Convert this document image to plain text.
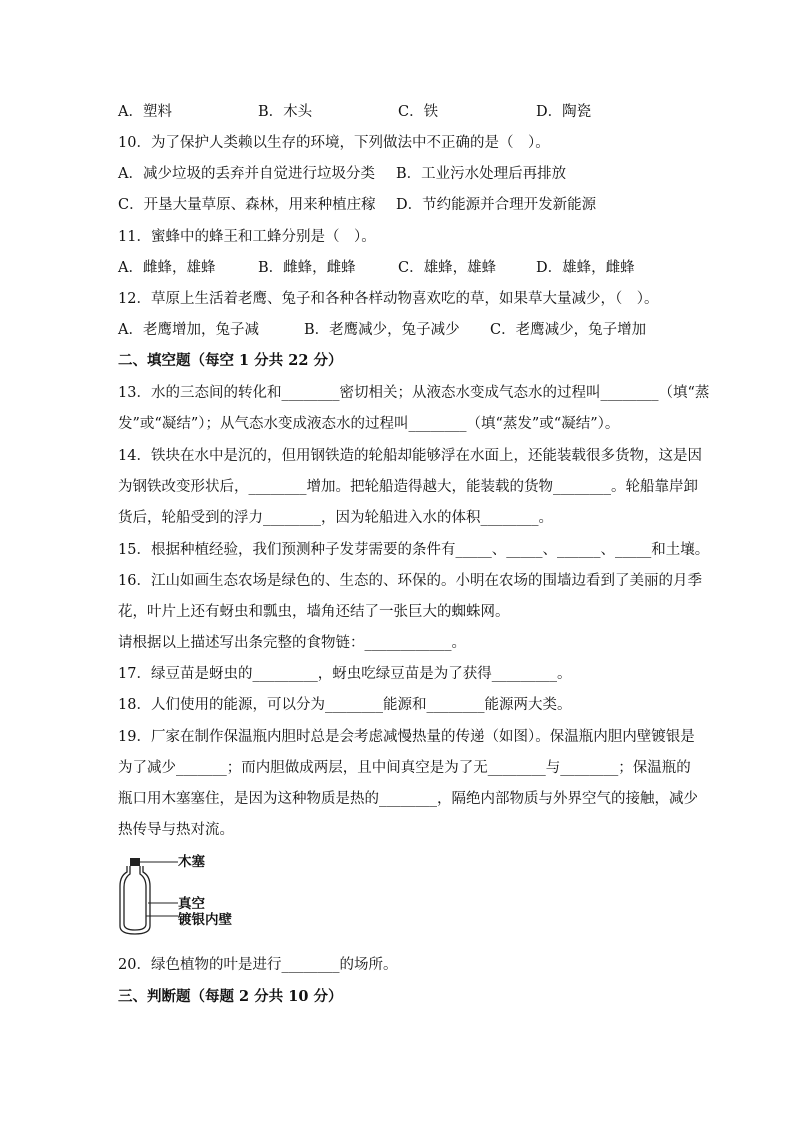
A．塑料	B．木头	C．铁	D．陶瓷
10．为了保护人类赖以生存的环境，下列做法中不正确的是（　）。
A．减少垃圾的丢弃并自觉进行垃圾分类 B．工业污水处理后再排放
C．开垦大量草原、森林，用来种植庄稼 D．节约能源并合理开发新能源
11．蜜蜂中的蜂王和工蜂分别是（　）。
A．雌蜂，雄蜂	B．雌蜂，雌蜂	C．雄蜂，雄蜂	D．雄蜂，雌蜂
12．草原上生活着老鹰、兔子和各种各样动物喜欢吃的草，如果草大量减少，（　）。
A．老鹰增加，兔子减	B．老鹰减少，兔子减少 C．老鹰减少，兔子增加
二、填空题（每空 1 分共 22 分）
13．水的三态间的转化和________密切相关；从液态水变成气态水的过程叫________（填“蒸
发”或“凝结”）；从气态水变成液态水的过程叫________（填“蒸发”或“凝结”）。
14．铁块在水中是沉的，但用钢铁造的轮船却能够浮在水面上，还能装载很多货物，这是因
为钢铁改变形状后，________增加。把轮船造得越大，能装载的货物________。轮船靠岸卸
货后，轮船受到的浮力________，因为轮船进入水的体积________。
15．根据种植经验，我们预测种子发芽需要的条件有_____、_____、______、_____和土壤。
16．江山如画生态农场是绿色的、生态的、环保的。小明在农场的围墙边看到了美丽的月季
花，叶片上还有蚜虫和瓢虫，墙角还结了一张巨大的蜘蛛网。
请根据以上描述写出条完整的食物链：____________。
17．绿豆苗是蚜虫的_________，蚜虫吃绿豆苗是为了获得_________。
18．人们使用的能源，可以分为________能源和________能源两大类。
19．厂家在制作保温瓶内胆时总是会考虑减慢热量的传递（如图）。保温瓶内胆内壁镀银是
为了减少_______；而内胆做成两层，且中间真空是为了无________与________；保温瓶的
瓶口用木塞塞住，是因为这种物质是热的________，隔绝内部物质与外界空气的接触，减少
热传导与热对流。
木塞
真空
镀银内壁
20．绿色植物的叶是进行________的场所。
三、判断题（每题 2 分共 10 分）
